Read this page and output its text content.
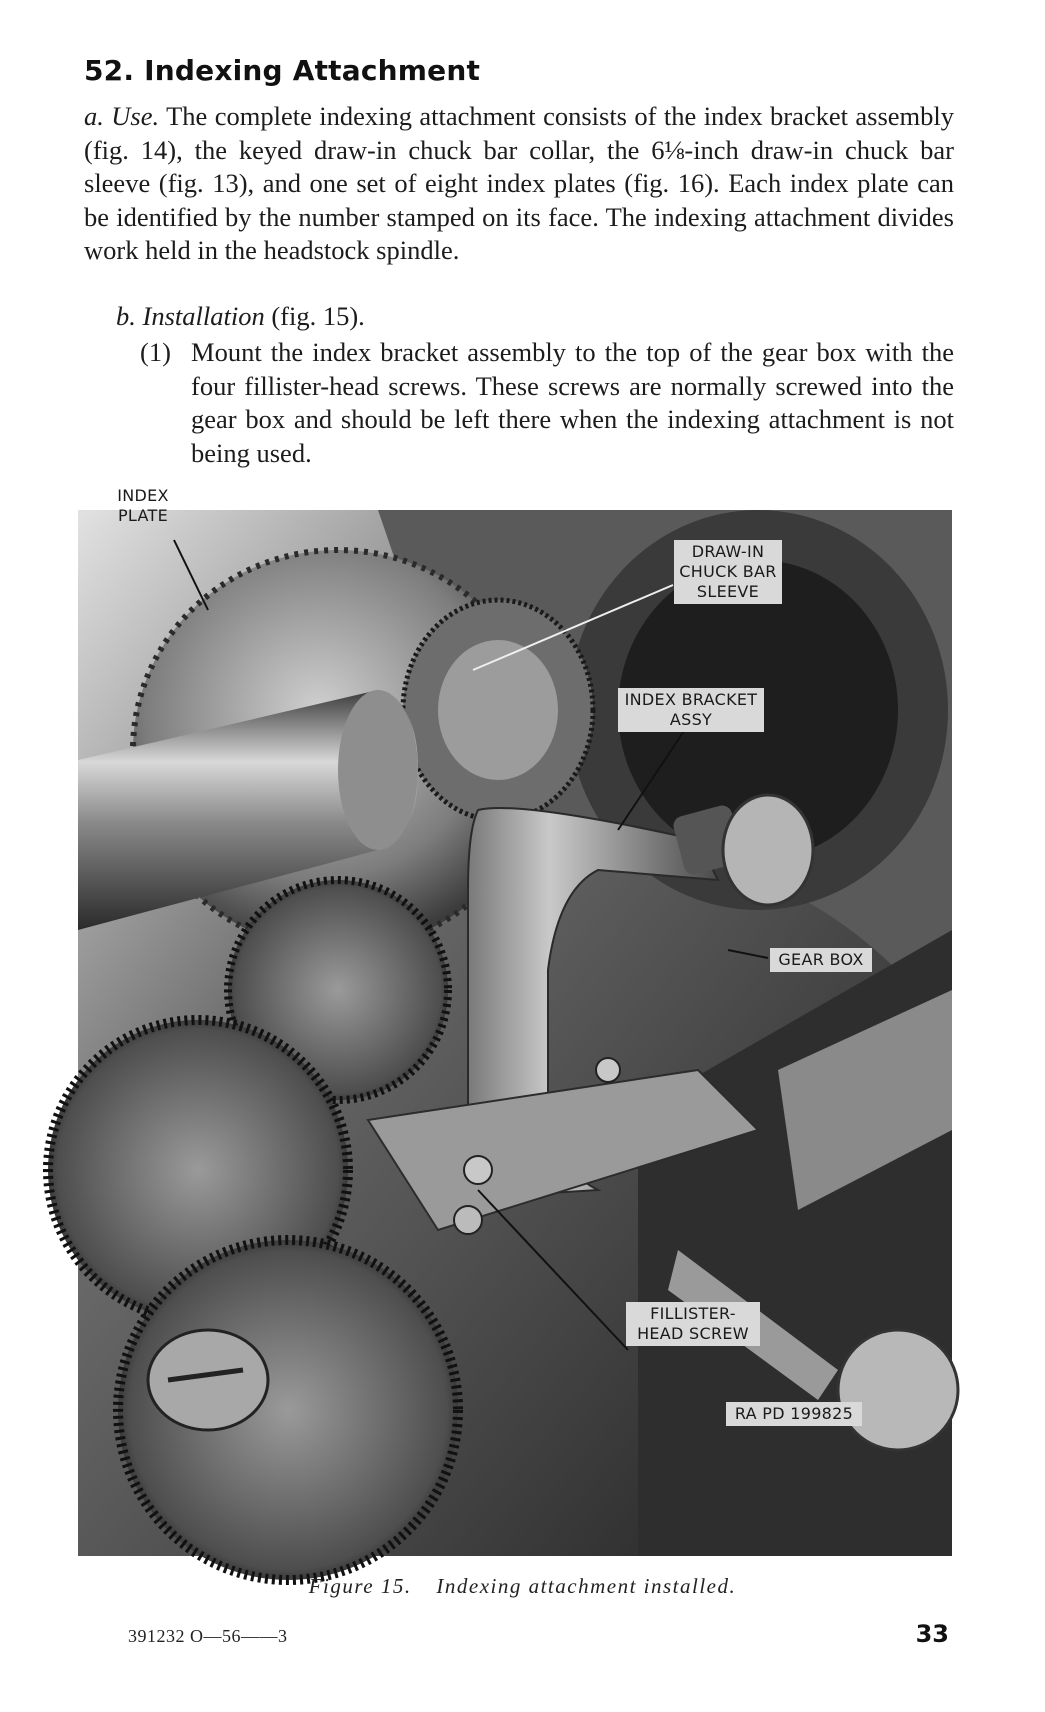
52. Indexing Attachment
a. Use. The complete indexing attachment consists of the index bracket assembly (fig. 14), the keyed draw-in chuck bar collar, the 6⅛-inch draw-in chuck bar sleeve (fig. 13), and one set of eight index plates (fig. 16). Each index plate can be identified by the number stamped on its face. The indexing attachment divides work held in the headstock spindle.
b. Installation (fig. 15).
(1) Mount the index bracket assembly to the top of the gear box with the four fillister-head screws. These screws are normally screwed into the gear box and should be left there when the indexing attachment is not being used.
INDEX PLATE
DRAW-IN CHUCK BAR SLEEVE
INDEX BRACKET ASSY
GEAR BOX
FILLISTER-HEAD SCREW
RA PD 199825
Figure 15. Indexing attachment installed.
391232 O—56——3	33
